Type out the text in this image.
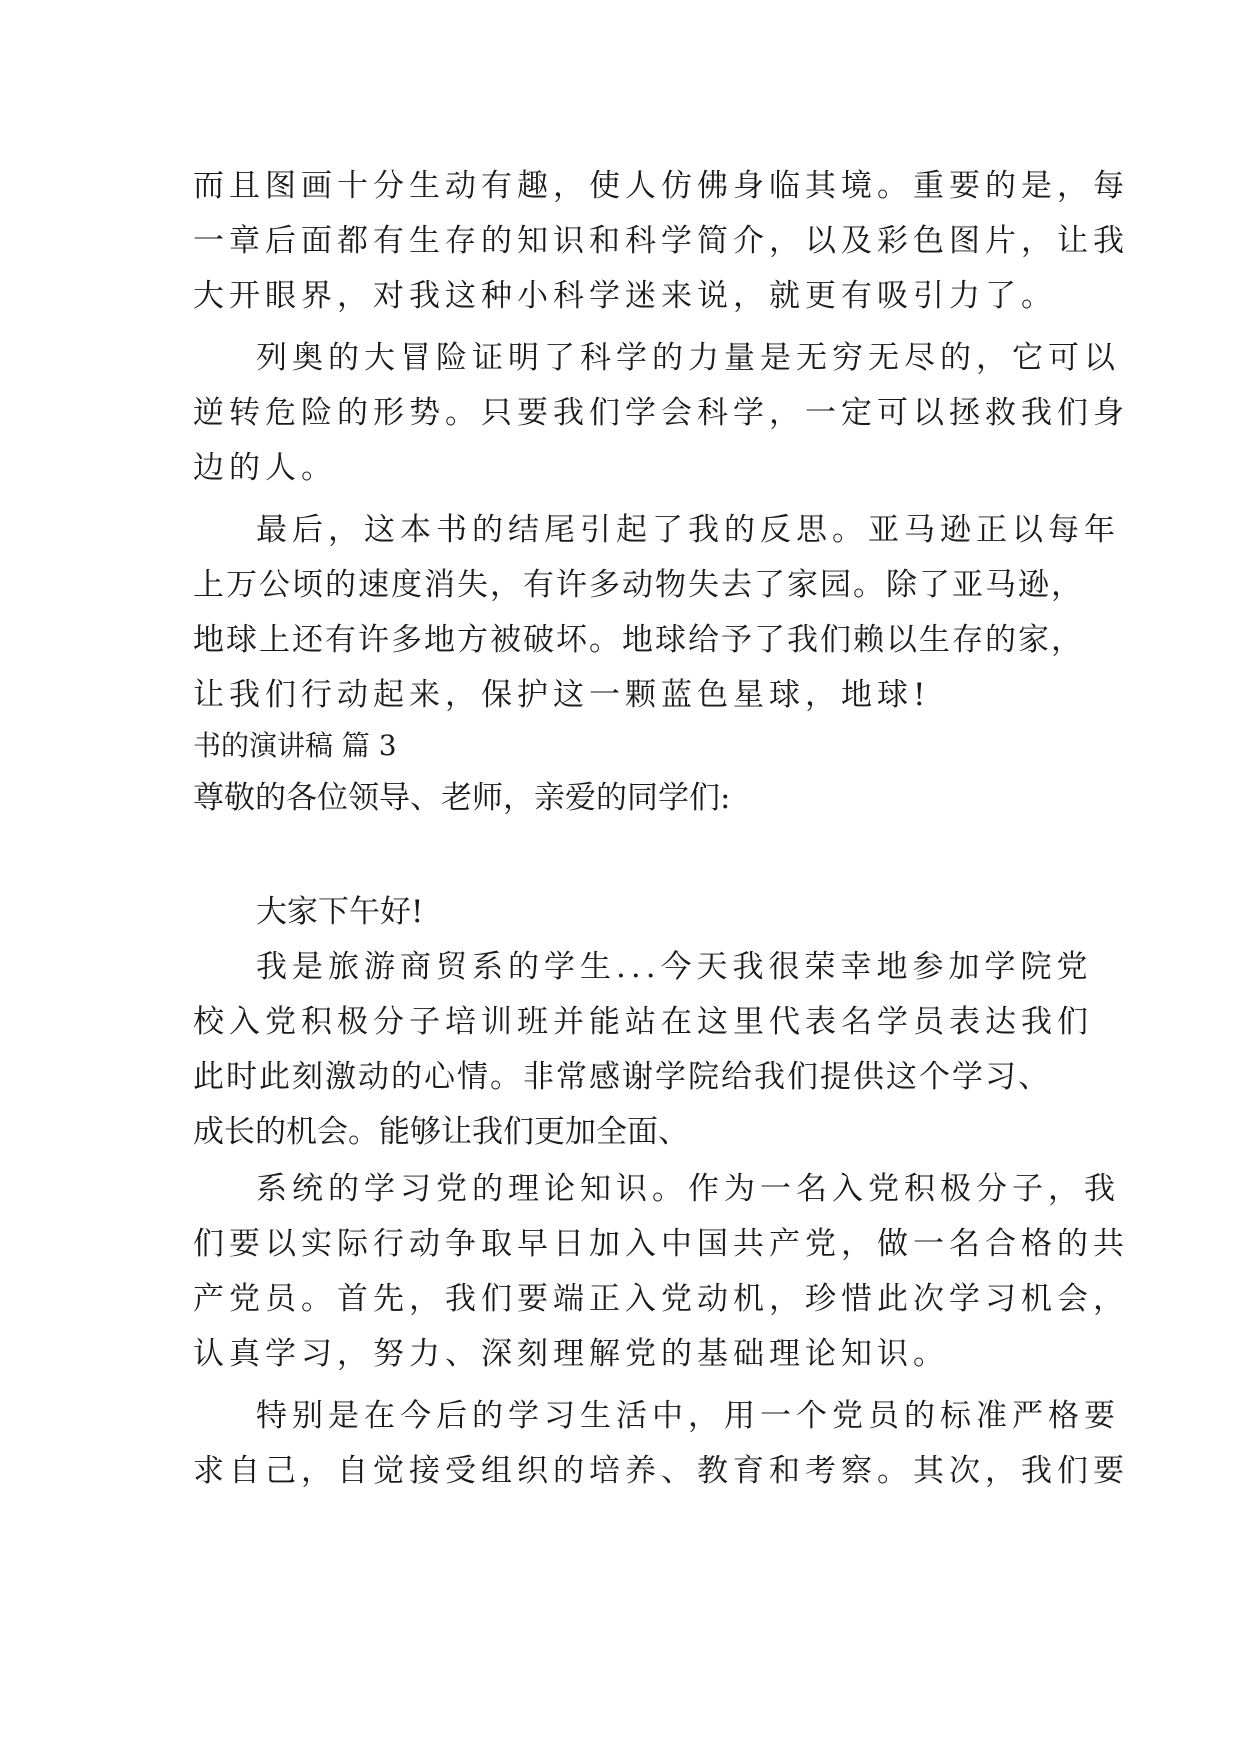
而且图画十分生动有趣，使人仿佛身临其境。重要的是，每
一章后面都有生存的知识和科学简介，以及彩色图片，让我
大开眼界，对我这种小科学迷来说，就更有吸引力了。
列奥的大冒险证明了科学的力量是无穷无尽的，它可以
逆转危险的形势。只要我们学会科学，一定可以拯救我们身
边的人。
最后，这本书的结尾引起了我的反思。亚马逊正以每年
上万公顷的速度消失，有许多动物失去了家园。除了亚马逊，
地球上还有许多地方被破坏。地球给予了我们赖以生存的家，
让我们行动起来，保护这一颗蓝色星球，地球!
书的演讲稿 篇 3
尊敬的各位领导、老师，亲爱的同学们:
大家下午好!
我是旅游商贸系的学生...今天我很荣幸地参加学院党
校入党积极分子培训班并能站在这里代表名学员表达我们
此时此刻激动的心情。非常感谢学院给我们提供这个学习、
成长的机会。能够让我们更加全面、
系统的学习党的理论知识。作为一名入党积极分子，我
们要以实际行动争取早日加入中国共产党，做一名合格的共
产党员。首先，我们要端正入党动机，珍惜此次学习机会，
认真学习，努力、深刻理解党的基础理论知识。
特别是在今后的学习生活中，用一个党员的标准严格要
求自己，自觉接受组织的培养、教育和考察。其次，我们要
